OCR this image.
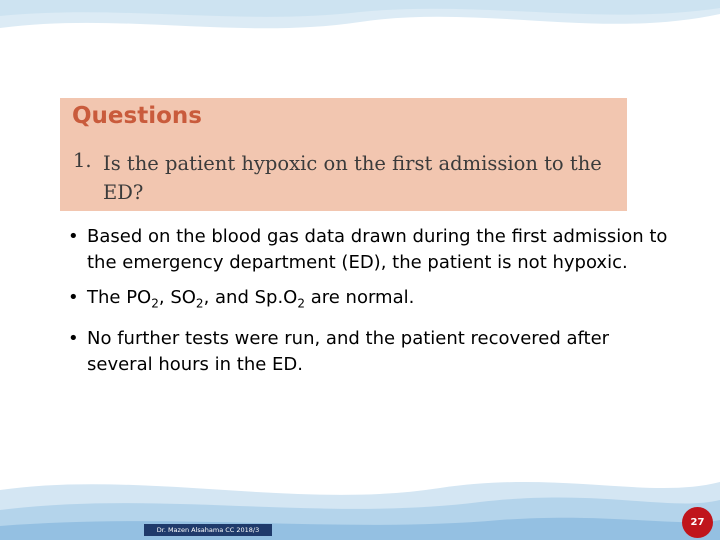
Questions
1. Is the patient hypoxic on the first admission to the ED?
• Based on the blood gas data drawn during the first admission to the emergency department (ED), the patient is not hypoxic.
• The $PO_2$, $SO_2$, and $Sp.O_2$ are normal.
• No further tests were run, and the patient recovered after several hours in the ED.
Dr. Mazen Alsahama CC 2018/3
27
